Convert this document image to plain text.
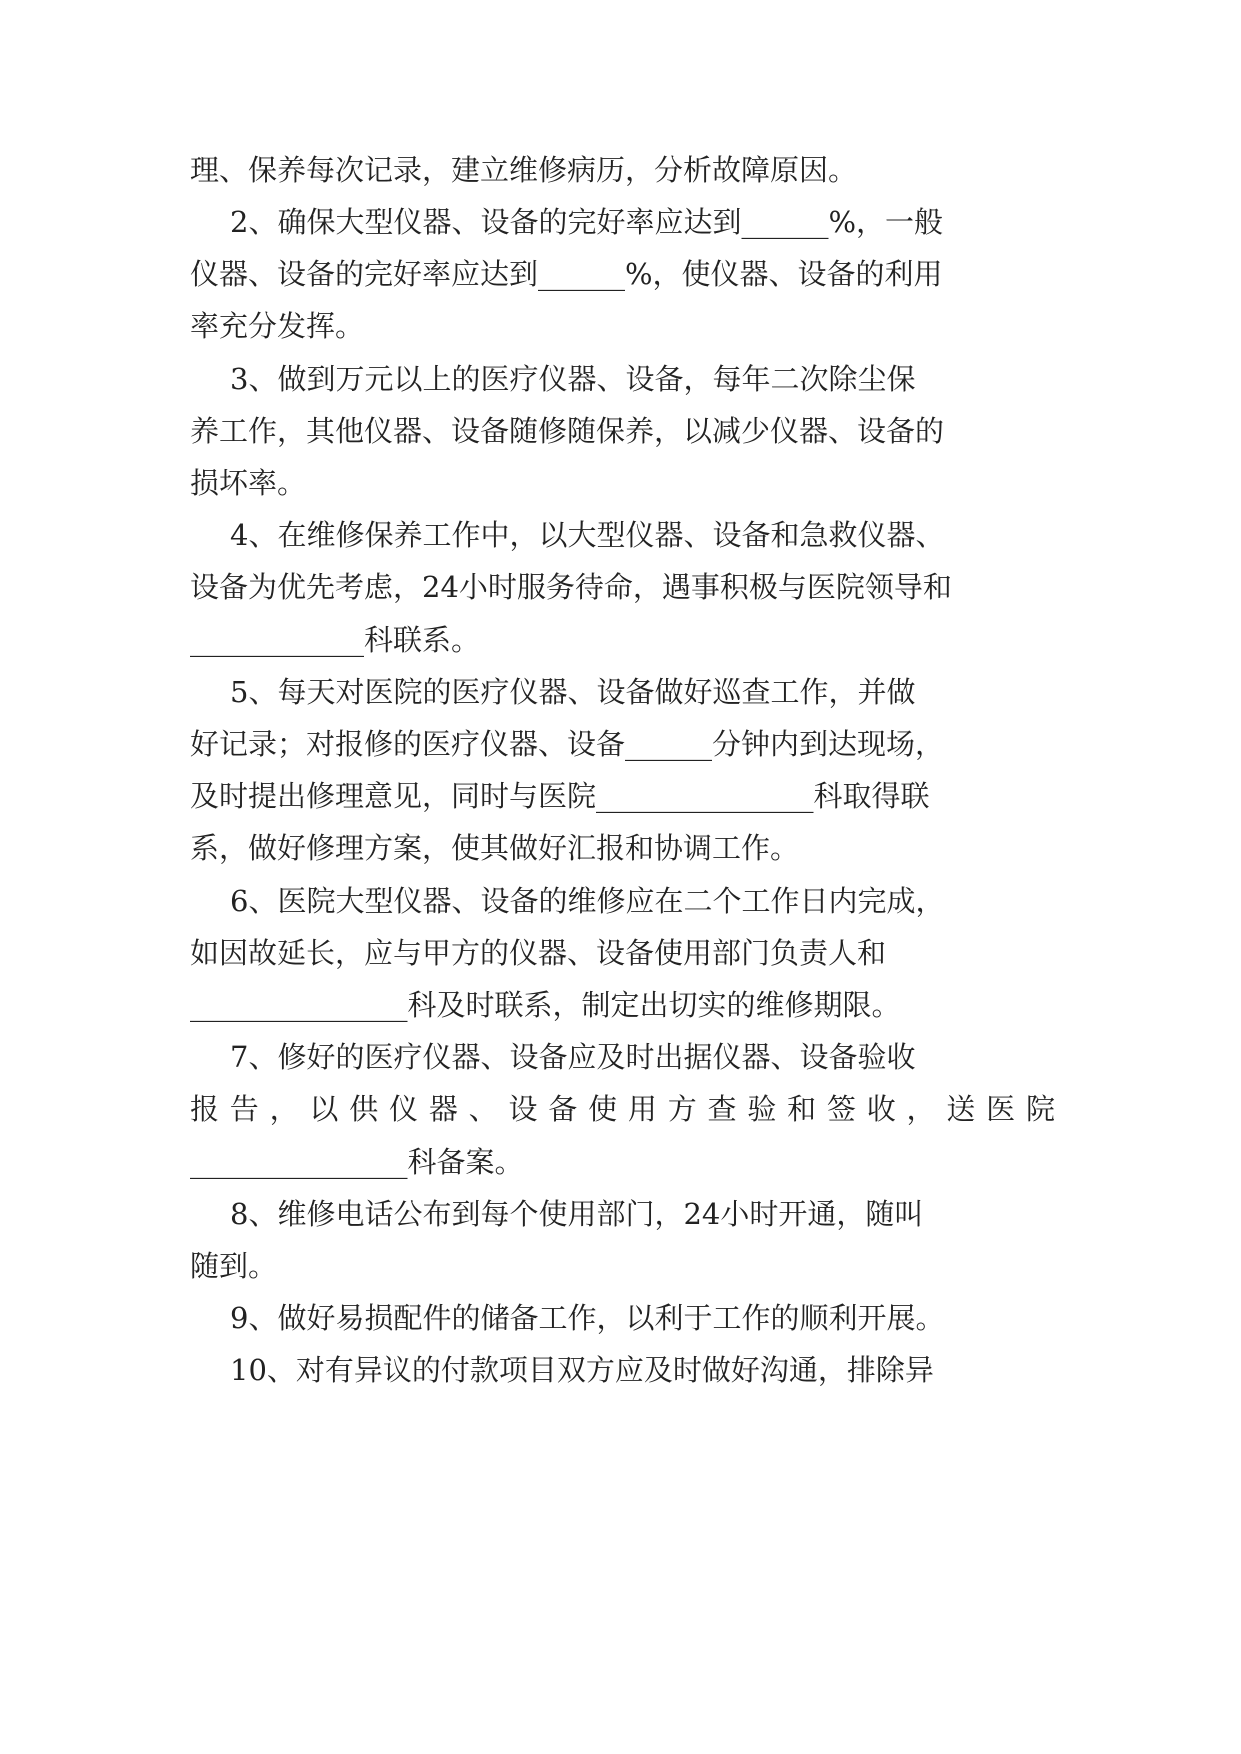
理、保养每次记录，建立维修病历，分析故障原因。
2、确保大型仪器、设备的完好率应达到______%，一般
仪器、设备的完好率应达到______%，使仪器、设备的利用
率充分发挥。
3、做到万元以上的医疗仪器、设备，每年二次除尘保
养工作，其他仪器、设备随修随保养，以减少仪器、设备的
损坏率。
4、在维修保养工作中，以大型仪器、设备和急救仪器、
设备为优先考虑，24小时服务待命，遇事积极与医院领导和
____________科联系。
5、每天对医院的医疗仪器、设备做好巡查工作，并做
好记录；对报修的医疗仪器、设备______分钟内到达现场，
及时提出修理意见，同时与医院_______________科取得联
系，做好修理方案，使其做好汇报和协调工作。
6、医院大型仪器、设备的维修应在二个工作日内完成，
如因故延长，应与甲方的仪器、设备使用部门负责人和
_______________科及时联系，制定出切实的维修期限。
7、修好的医疗仪器、设备应及时出据仪器、设备验收
报告，以供仪器、设备使用方查验和签收，送医院
_______________科备案。
8、维修电话公布到每个使用部门，24小时开通，随叫
随到。
9、做好易损配件的储备工作，以利于工作的顺利开展。
10、对有异议的付款项目双方应及时做好沟通，排除异
